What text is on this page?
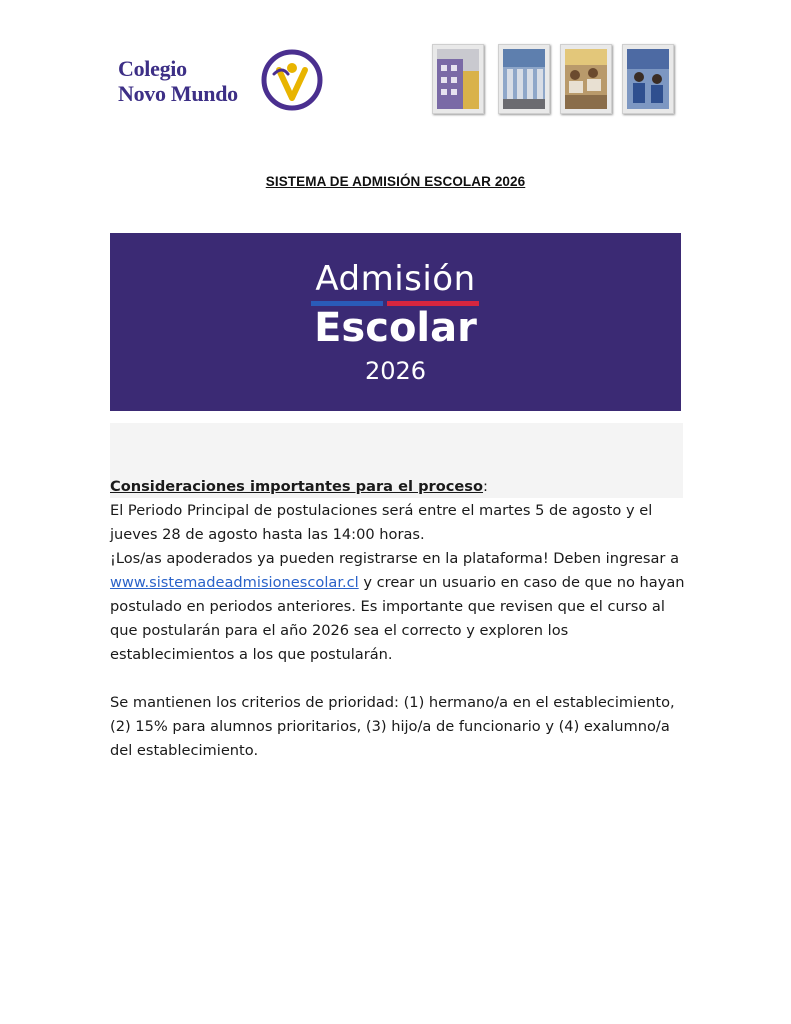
Colegio
Novo Mundo
SISTEMA DE ADMISIÓN ESCOLAR 2026
Admisión
Escolar
2026

Consideraciones importantes para el proceso:

El Periodo Principal de postulaciones será entre el martes 5 de agosto y el jueves 28 de agosto hasta las 14:00 horas.

¡Los/as apoderados ya pueden registrarse en la plataforma! Deben ingresar a www.sistemadeadmisionescolar.cl y crear un usuario en caso de que no hayan postulado en periodos anteriores. Es importante que revisen que el curso al que postularán para el año 2026 sea el correcto y exploren los establecimientos a los que postularán.

Se mantienen los criterios de prioridad: (1) hermano/a en el establecimiento, (2) 15% para alumnos prioritarios, (3) hijo/a de funcionario y (4) exalumno/a del establecimiento.
